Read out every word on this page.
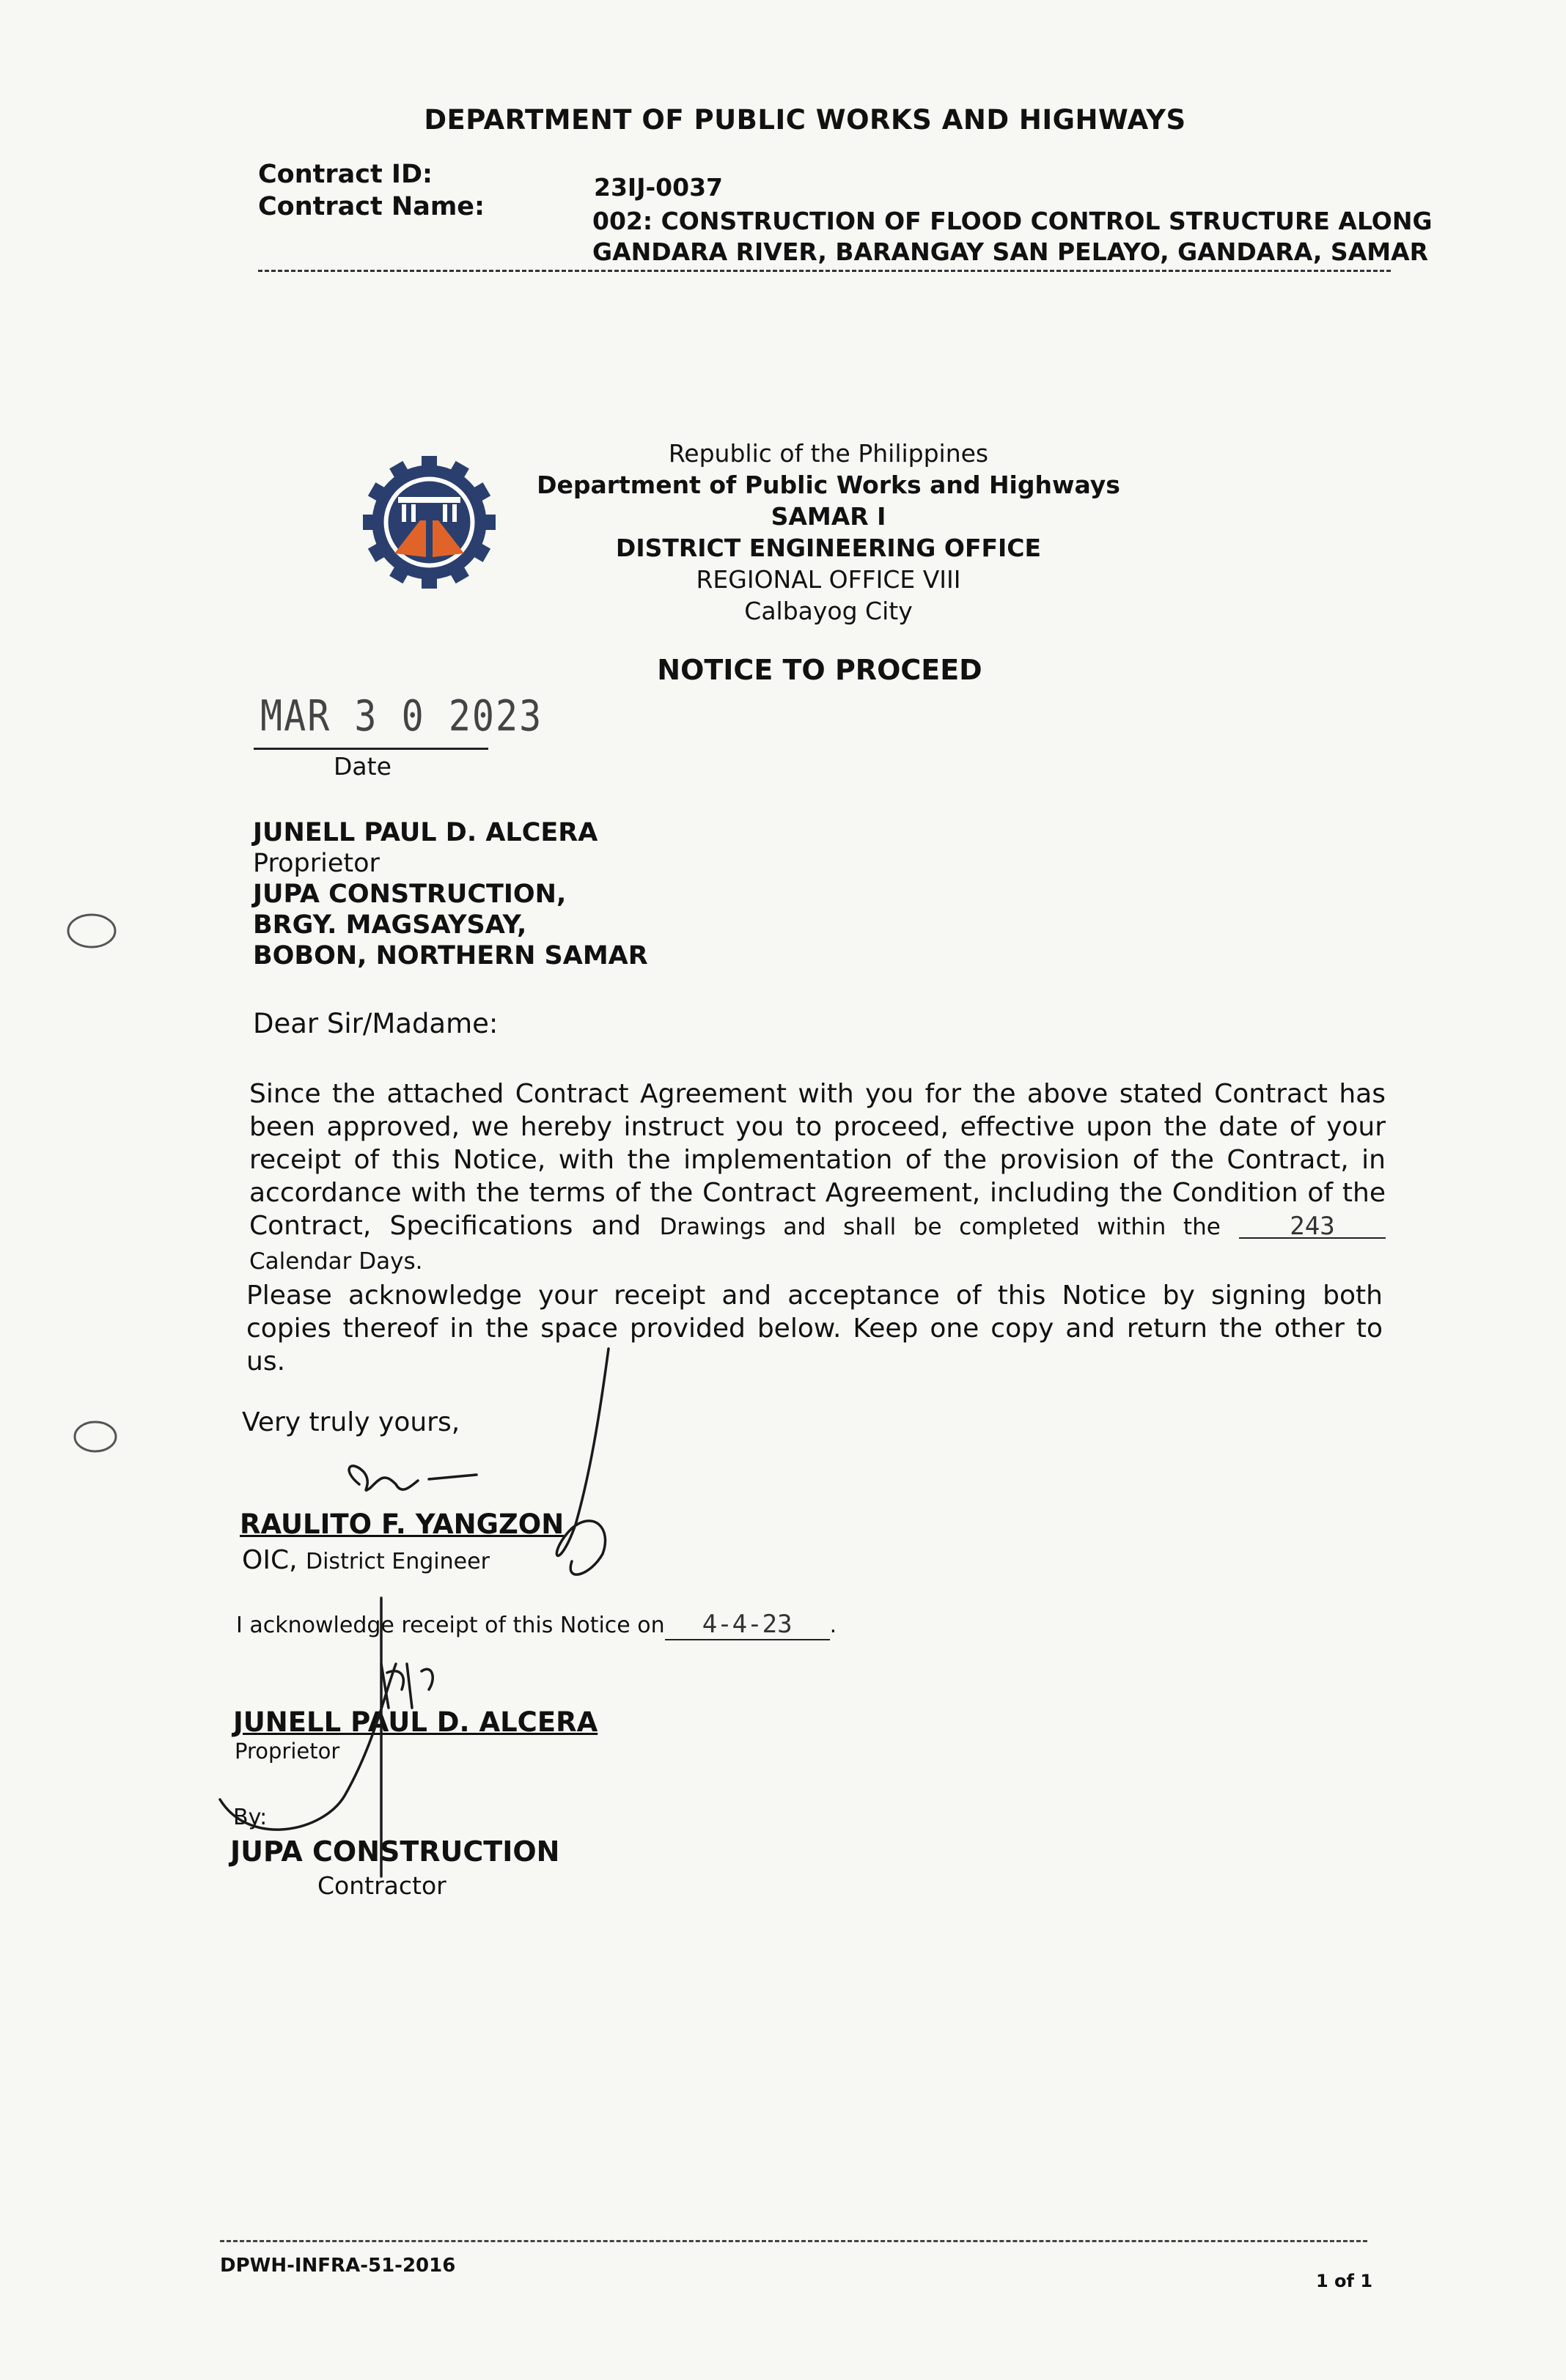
DEPARTMENT OF PUBLIC WORKS AND HIGHWAYS
Contract ID:
Contract Name:
23IJ-0037
002: CONSTRUCTION OF FLOOD CONTROL STRUCTURE ALONG
GANDARA RIVER, BARANGAY SAN PELAYO, GANDARA, SAMAR
Republic of the Philippines
Department of Public Works and Highways
SAMAR I
DISTRICT ENGINEERING OFFICE
REGIONAL OFFICE VIII
Calbayog City
NOTICE TO PROCEED
MAR 3 0 2023
Date
JUNELL PAUL D. ALCERA
Proprietor
JUPA CONSTRUCTION,
BRGY. MAGSAYSAY,
BOBON, NORTHERN SAMAR
Dear Sir/Madame:
Since the attached Contract Agreement with you for the above stated Contract has been approved, we hereby instruct you to proceed, effective upon the date of your receipt of this Notice, with the implementation of the provision of the Contract, in accordance with the terms of the Contract Agreement, including the Condition of the Contract, Specifications and Drawings and shall be completed within the	243 Calendar Days.
Please acknowledge your receipt and acceptance of this Notice by signing both copies thereof in the space provided below. Keep one copy and return the other to us.
Very truly yours,
RAULITO F. YANGZON
OIC, District Engineer
I acknowledge receipt of this Notice on 4-4-23 .
JUNELL PAUL D. ALCERA
Proprietor
By:
JUPA CONSTRUCTION
Contractor
DPWH-INFRA-51-2016
1 of 1
